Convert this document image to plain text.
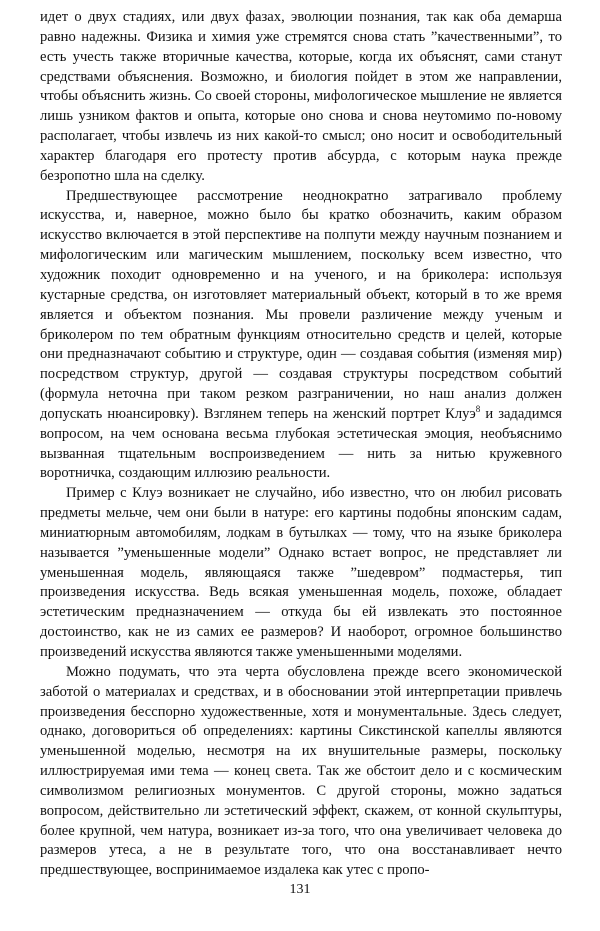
идет о двух стадиях, или двух фазах, эволюции познания, так как оба демарша равно надежны. Физика и химия уже стремятся снова стать ”качественными”, то есть учесть также вторичные качества, которые, когда их объяснят, сами станут средствами объяснения. Возможно, и биология пойдет в этом же направлении, чтобы объяснить жизнь. Со своей стороны, мифологическое мышление не является лишь узником фактов и опыта, которые оно снова и снова неутомимо по-новому располагает, чтобы извлечь из них какой-то смысл; оно носит и освободительный характер благодаря его протесту против абсурда, с которым наука прежде безропотно шла на сделку.

Предшествующее рассмотрение неоднократно затрагивало проблему искусства, и, наверное, можно было бы кратко обозначить, каким образом искусство включается в этой перспективе на полпути между научным познанием и мифологическим или магическим мышлением, поскольку всем известно, что художник походит одновременно и на ученого, и на бриколера: используя кустарные средства, он изготовляет материальный объект, который в то же время является и объектом познания. Мы провели различение между ученым и бриколером по тем обратным функциям относительно средств и целей, которые они предназначают событию и структуре, один — создавая события (изменяя мир) посредством структур, другой — создавая структуры посредством событий (формула неточна при таком резком разграничении, но наш анализ должен допускать нюансировку). Взглянем теперь на женский портрет Клуэ$^8$ и зададимся вопросом, на чем основана весьма глубокая эстетическая эмоция, необъяснимо вызванная тщательным воспроизведением — нить за нитью кружевного воротничка, создающим иллюзию реальности.

Пример с Клуэ возникает не случайно, ибо известно, что он любил рисовать предметы мельче, чем они были в натуре: его картины подобны японским садам, миниатюрным автомобилям, лодкам в бутылках — тому, что на языке бриколера называется ”уменьшенные модели” Однако встает вопрос, не представляет ли уменьшенная модель, являющаяся также ”шедевром” подмастерья, тип произведения искусства. Ведь всякая уменьшенная модель, похоже, обладает эстетическим предназначением — откуда бы ей извлекать это постоянное достоинство, как не из самих ее размеров? И наоборот, огромное большинство произведений искусства являются также уменьшенными моделями.

Можно подумать, что эта черта обусловлена прежде всего экономической заботой о материалах и средствах, и в обосновании этой интерпретации привлечь произведения бесспорно художественные, хотя и монументальные. Здесь следует, однако, договориться об определениях: картины Сикстинской капеллы являются уменьшенной моделью, несмотря на их внушительные размеры, поскольку иллюстрируемая ими тема — конец света. Так же обстоит дело и с космическим символизмом религиозных монументов. С другой стороны, можно задаться вопросом, действительно ли эстетический эффект, скажем, от конной скульптуры, более крупной, чем натура, возникает из-за того, что она увеличивает человека до размеров утеса, а не в результате того, что она восстанавливает нечто предшествующее, воспринимаемое издалека как утес с пропо-

131
